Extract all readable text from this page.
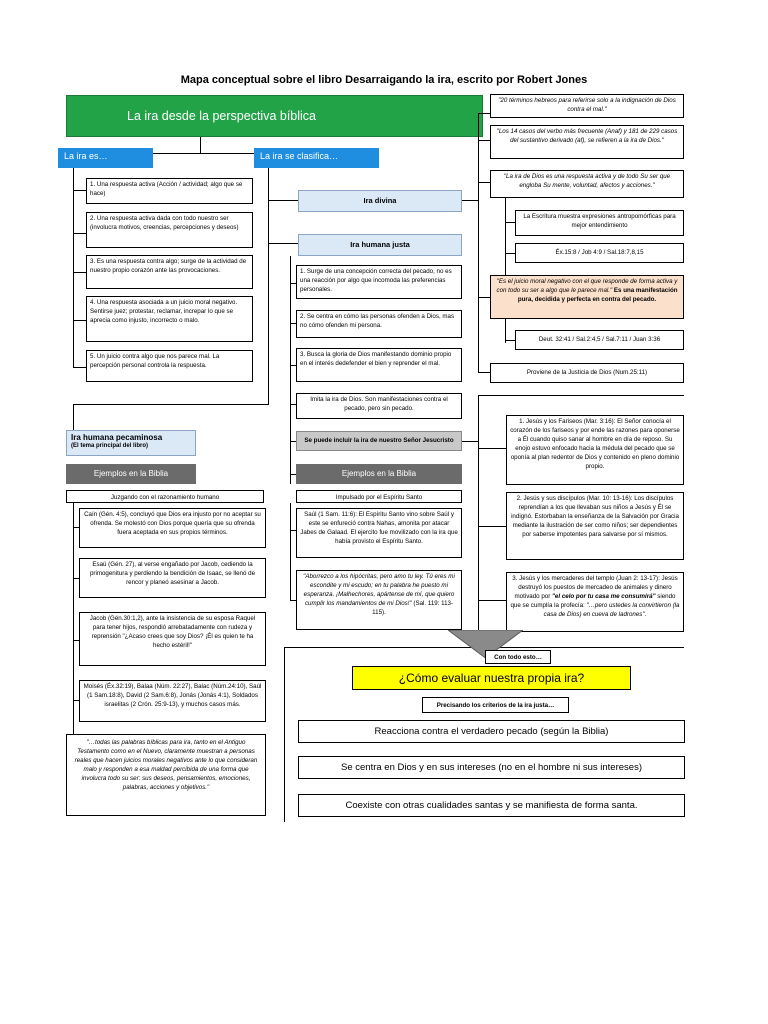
Mapa conceptual sobre el libro Desarraigando la ira, escrito por Robert Jones
La ira desde la perspectiva bíblica
La ira es…
1. Una respuesta activa (Acción / actividad; algo que se hace)
2. Una respuesta activa dada con todo nuestro ser (involucra motivos, creencias, percepciones y deseos)
3. Es una respuesta contra algo; surge de la actividad de nuestro propio corazón ante las provocaciones.
4. Una respuesta asociada a un juicio moral negativo. Sentirse juez; protestar, reclamar, increpar lo que se aprecia como injusto, incorrecto o malo.
5. Un juicio contra algo que nos parece mal. La percepción personal controla la respuesta.
La ira se clasifica…
Ira divina
"20 términos hebreos para referirse solo a la indignación de Dios contra el mal."
"Los 14 casos del verbo más frecuente (Anaf) y 181 de 229 casos del sustantivo derivado (af), se refieren a la ira de Dios."
"La ira de Dios es una respuesta activa y de todo Su ser que engloba Su mente, voluntad, afectos y acciones."
La Escritura muestra expresiones antropomórficas para mejor entendimiento
Éx.15:8 / Job 4:9 / Sal.18:7,8,15
"Es el juicio moral negativo con el que responde de forma activa y con todo su ser a algo que le parece mal." Es una manifestación pura, decidida y perfecta en contra del pecado.
Deut. 32:41 / Sal.2:4,5 / Sal.7:11 / Juan 3:36
Proviene de la Justicia de Dios (Num.25:11)
Ira humana justa
1. Surge de una concepción correcta del pecado, no es una reacción por algo que incomoda las preferencias personales.
2. Se centra en cómo las personas ofenden a Dios, mas no cómo ofenden mi persona.
3. Busca la gloria de Dios manifestando dominio propio en el interés dedefender el bien y reprender el mal.
Imita la ira de Dios. Son manifestaciones contra el pecado, pero sin pecado.
Se puede incluir la ira de nuestro Señor Jesucristo
1. Jesús y los Fariseos (Mar. 3:16): El Señor conocía el corazón de los fariseos y por ende las razones para oponerse a Él cuando quiso sanar al hombre en día de reposo. Su enojo estuvo enfocado hacia la médula del pecado que se oponía al plan redentor de Dios y contenido en pleno dominio propio.
2. Jesús y sus discípulos (Mar. 10: 13-16): Los discípulos reprendían a los que llevaban sus niños a Jesús y Él se indignó. Estorbaban la enseñanza de la Salvación por Gracia mediante la ilustración de ser como niños; ser dependientes por saberse impotentes para salvarse por sí mismos.
3. Jesús y los mercaderes del templo (Juan 2: 13-17): Jesús destruyó los puestos de mercadeo de animales y dinero motivado por "el celo por tu casa me consumirá" siendo que se cumplía la profecía: "…pero ustedes la convirtieron (la casa de Dios) en cueva de ladrones".
Ira humana pecaminosa
(El tema principal del libro)
Ejemplos en la Biblia
Juzgando con el razonamiento humano
Caín (Gén. 4:5), concluyó que Dios era injusto por no aceptar su ofrenda. Se molestó con Dios porque quería que su ofrenda fuera aceptada en sus propios términos.
Esaú (Gén. 27), al verse engañado por Jacob, cediendo la primogenitura y perdiendo la bendición de Isaac, se llenó de rencor y planeó asesinar a Jacob.
Jacob (Gén.30:1,2), ante la insistencia de su esposa Raquel para tener hijos, respondió arrebatadamente con rudeza y reprensión "¿Acaso crees que soy Dios? ¡Él es quien te ha hecho estéril!"
Moisés (Éx.32:19), Balaa (Núm. 22:27), Balac (Núm.24:10), Saúl (1 Sam.18:8), David (2 Sam.6:8), Jonás (Jonás 4:1), Soldados israelitas (2 Crón. 25:9-13), y muchos casos más.
"…todas las palabras bíblicas para ira, tanto en el Antiguo Testamento como en el Nuevo, claramente muestran a personas reales que hacen juicios morales negativos ante lo que consideran malo y responden a esa maldad percibida de una forma que involucra todo su ser: sus deseos, pensamientos, emociones, palabras, acciones y objetivos."
Ejemplos en la Biblia
Impulsado por el Espíritu Santo
Saúl (1 Sam. 11:6): El Espíritu Santo vino sobre Saúl y este se enfureció contra Nahas, amonita por atacar Jabes de Galaad. El ejercito fue movilizado con la ira que había provisto el Espíritu Santo.
"Aborrezco a los hipócritas, pero amo tu ley. Tú eres mi escondite y mi escudo; en tu palabra he puesto mi esperanza. ¡Malhechores, apártense de mí, que quiero cumplir los mandamientos de mi Dios!" (Sal. 119: 113-115).
Con todo esto…
¿Cómo evaluar nuestra propia ira?
Precisando los criterios de la ira justa…
Reacciona contra el verdadero pecado (según la Biblia)
Se centra en Dios y en sus intereses (no en el hombre ni sus intereses)
Coexiste con otras cualidades santas y se manifiesta de forma santa.
